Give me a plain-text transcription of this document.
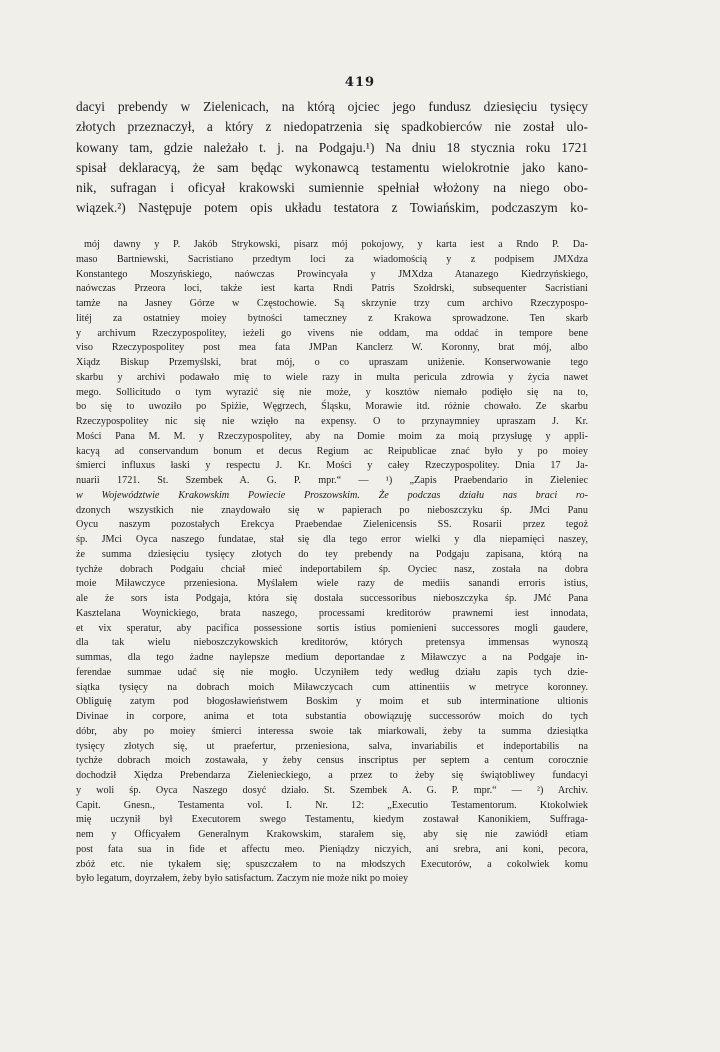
419
dacyi prebendy w Zielenicach, na którą ojciec jego fundusz dziesięciu tysięcy
złotych przeznaczył, a który z niedopatrzenia się spadkobierców nie został ulo-
kowany tam, gdzie należało t. j. na Podgaju.¹) Na dniu 18 stycznia roku 1721
spisał deklaracyą, że sam będąc wykonawcą testamentu wielokrotnie jako kano-
nik, sufragan i oficyał krakowski sumiennie spełniał włożony na niego obo-
wiązek.²) Następuje potem opis układu testatora z Towiańskim, podczaszym ko-
mój dawny y P. Jakób Strykowski, pisarz mój pokojowy, y karta iest a Rndo P. Da-
maso Bartniewski, Sacristiano przedtym loci za wiadomością y z podpisem JMXdza
Konstantego Moszyńskiego, naówczas Prowincyała y JMXdza Atanazego Kiedrzyńskiego,
naówczas Przeora loci, także iest karta Rndi Patris Szołdrski, subsequenter Sacristiani
tamże na Jasney Górze w Częstochowie. Są skrzynie trzy cum archivo Rzeczypospo-
litéj za ostatniey moiey bytności tameczney z Krakowa sprowadzone. Ten skarb
y archivum Rzeczypospolitey, ieżeli go vivens nie oddam, ma oddać in tempore bene
viso Rzeczypospolitey post mea fata JMPan Kanclerz W. Koronny, brat mój, albo
Xiądz Biskup Przemyślski, brat mój, o co upraszam uniżenie. Konserwowanie tego
skarbu y archivi podawało mię to wiele razy in multa pericula zdrowia y życia nawet
mego. Sollicitudo o tym wyrazić się nie może, y kosztów niemało podięło się na to,
bo się to uwoziło po Spiżie, Węgrzech, Śląsku, Morawie itd. różnie chowało. Ze skarbu
Rzeczypospolitey nic się nie wzięło na expensy. O to przynaymniey upraszam J. Kr.
Mości Pana M. M. y Rzeczypospolitey, aby na Domie moim za moią przysługę y appli-
kacyą ad conservandum bonum et decus Regium ac Reipublicae znać było y po moiey
śmierci influxus łaski y respectu J. Kr. Mości y całey Rzeczypospolitey. Dnia 17 Ja-
nuarii 1721. St. Szembek A. G. P. mpr.“ — ¹) „Zapis Praebendario in Zieleniec
w Województwie Krakowskim Powiecie Proszowskim. Że podczas działu nas braci ro-
dzonych wszystkich nie znaydowało się w papierach po nieboszczyku śp. JMci Panu
Oycu naszym pozostałych Erekcya Praebendae Zielenicensis SS. Rosarii przez tegoż
śp. JMci Oyca naszego fundatae, stał się dla tego error wielki y dla niepamięci naszey,
że summa dziesięciu tysięcy złotych do tey prebendy na Podgaju zapisana, którą na
tychże dobrach Podgaiu chciał mieć indeportabilem śp. Oyciec nasz, została na dobra
moie Miławczyce przeniesiona. Myślałem wiele razy de mediis sanandi erroris istius,
ale że sors ista Podgaja, która się dostała successoribus nieboszczyka śp. JMć Pana
Kasztelana Woynickiego, brata naszego, processami kreditorów prawnemi iest innodata,
et vix speratur, aby pacifica possessione sortis istius pomienieni successores mogli gaudere,
dla tak wielu nieboszczykowskich kreditorów, których pretensya immensas wynoszą
summas, dla tego żadne naylepsze medium deportandae z Miławczyc a na Podgaje in-
ferendae summae udać się nie mogło. Uczyniłem tedy według działu zapis tych dzie-
siątka tysięcy na dobrach moich Miławczycach cum attinentiis w metryce koronney.
Obliguię zatym pod błogosławieństwem Boskim y moim et sub interminatione ultionis
Divinae in corpore, anima et tota substantia obowiązuję successorów moich do tych
dóbr, aby po moiey śmierci interessa swoie tak miarkowali, żeby ta summa dziesiątka
tysięcy złotych się, ut praefertur, przeniesiona, salva, invariabilis et indeportabilis na
tychże dobrach moich zostawała, y żeby census inscriptus per septem a centum corocznie
dochodził Xiędza Prebendarza Zielenieckiego, a przez to żeby się świątobliwey fundacyi
y woli śp. Oyca Naszego dosyć działo. St. Szembek A. G. P. mpr.“ — ²) Archiv.
Capit. Gnesn., Testamenta vol. I. Nr. 12: „Executio Testamentorum. Ktokolwiek
mię uczynił był Executorem swego Testamentu, kiedym zostawał Kanonikiem, Suffraga-
nem y Officyałem Generalnym Krakowskim, starałem się, aby się nie zawiódł etiam
post fata sua in fide et affectu meo. Pieniądzy niczyich, ani srebra, ani koni, pecora,
zbóż etc. nie tykałem się; spuszczałem to na młodszych Executorów, a cokolwiek komu
było legatum, doyrzałem, żeby było satisfactum. Zaczym nie może nikt po moiey
